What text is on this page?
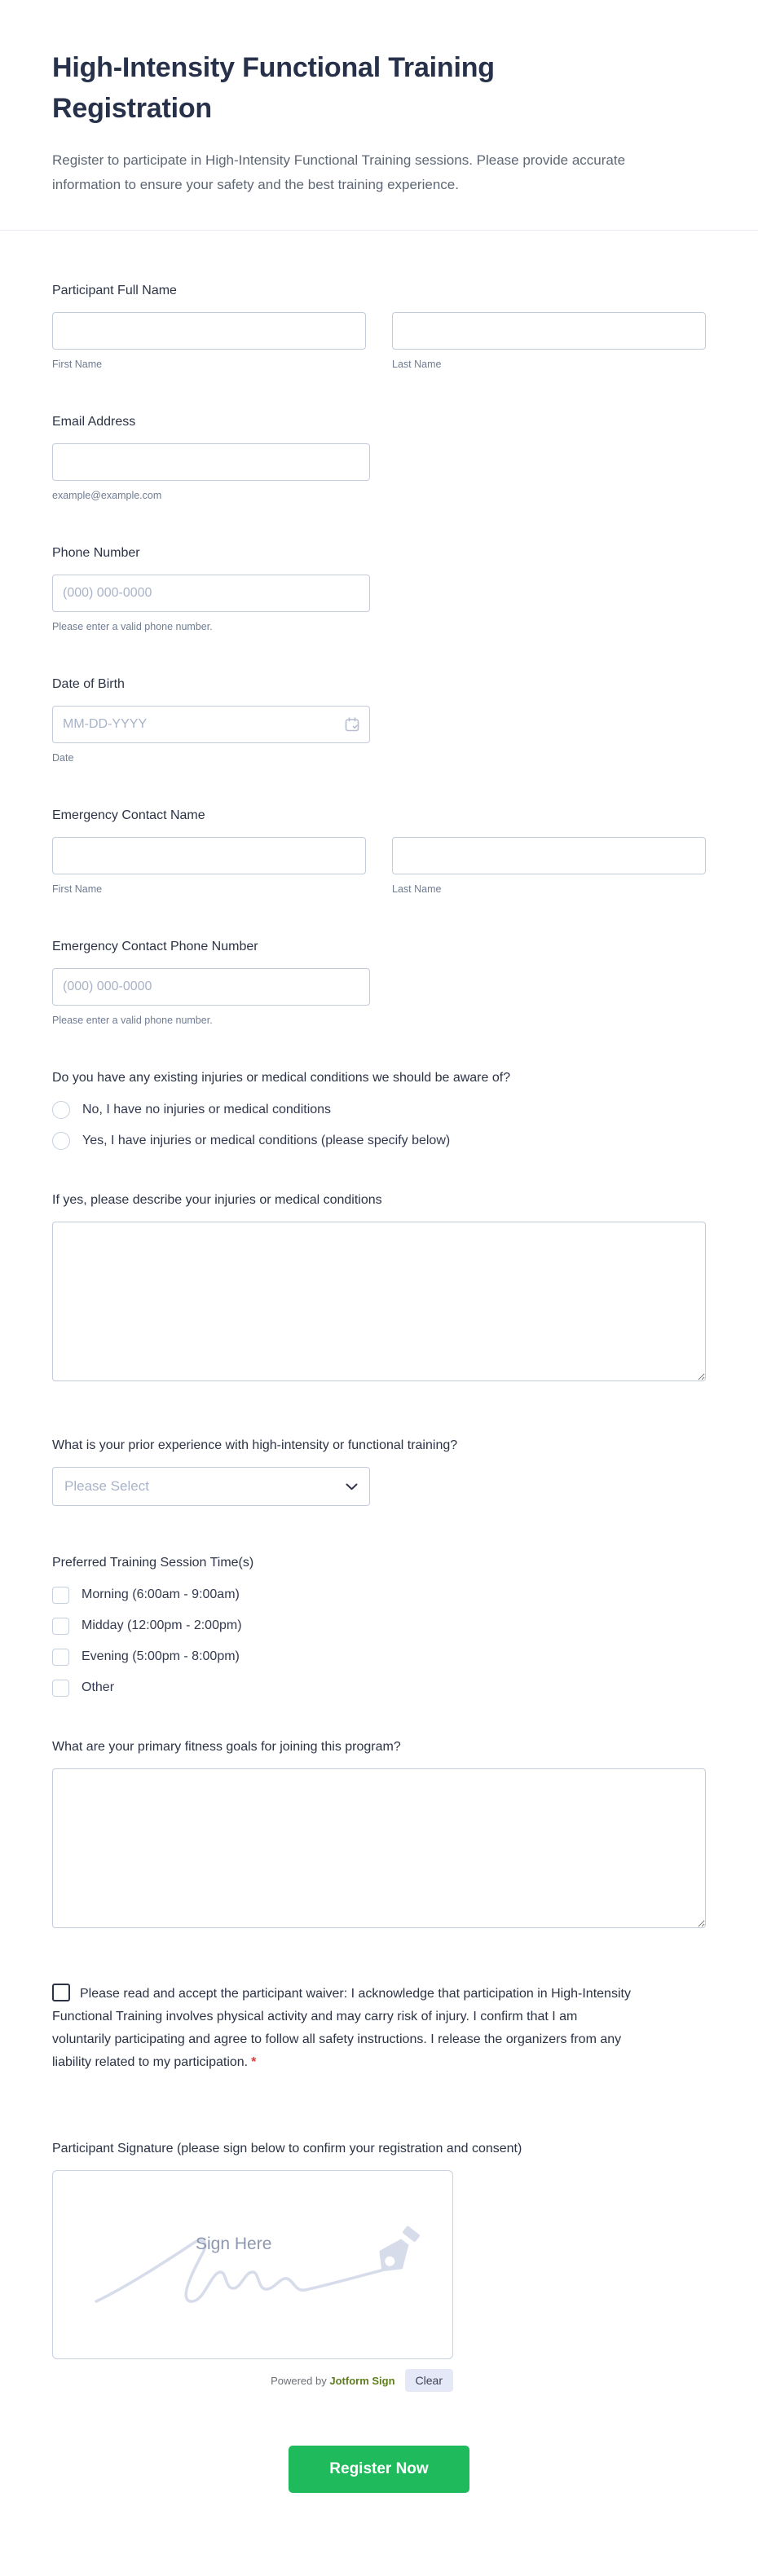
High-Intensity Functional Training Registration

Register to participate in High-Intensity Functional Training sessions. Please provide accurate information to ensure your safety and the best training experience.

Participant Full Name
First Name	Last Name
Email Address
example@example.com
Phone Number
(000) 000-0000
Please enter a valid phone number.
Date of Birth
MM-DD-YYYY
Date
Emergency Contact Name
First Name	Last Name
Emergency Contact Phone Number
(000) 000-0000
Please enter a valid phone number.
Do you have any existing injuries or medical conditions we should be aware of?
No, I have no injuries or medical conditions
Yes, I have injuries or medical conditions (please specify below)
If yes, please describe your injuries or medical conditions
What is your prior experience with high-intensity or functional training?
Please Select
Preferred Training Session Time(s)
Morning (6:00am - 9:00am)
Midday (12:00pm - 2:00pm)
Evening (5:00pm - 8:00pm)
Other
What are your primary fitness goals for joining this program?
Please read and accept the participant waiver: I acknowledge that participation in High-Intensity Functional Training involves physical activity and may carry risk of injury. I confirm that I am voluntarily participating and agree to follow all safety instructions. I release the organizers from any liability related to my participation. *
Participant Signature (please sign below to confirm your registration and consent)
Sign Here
Powered by Jotform Sign	Clear
Register Now
